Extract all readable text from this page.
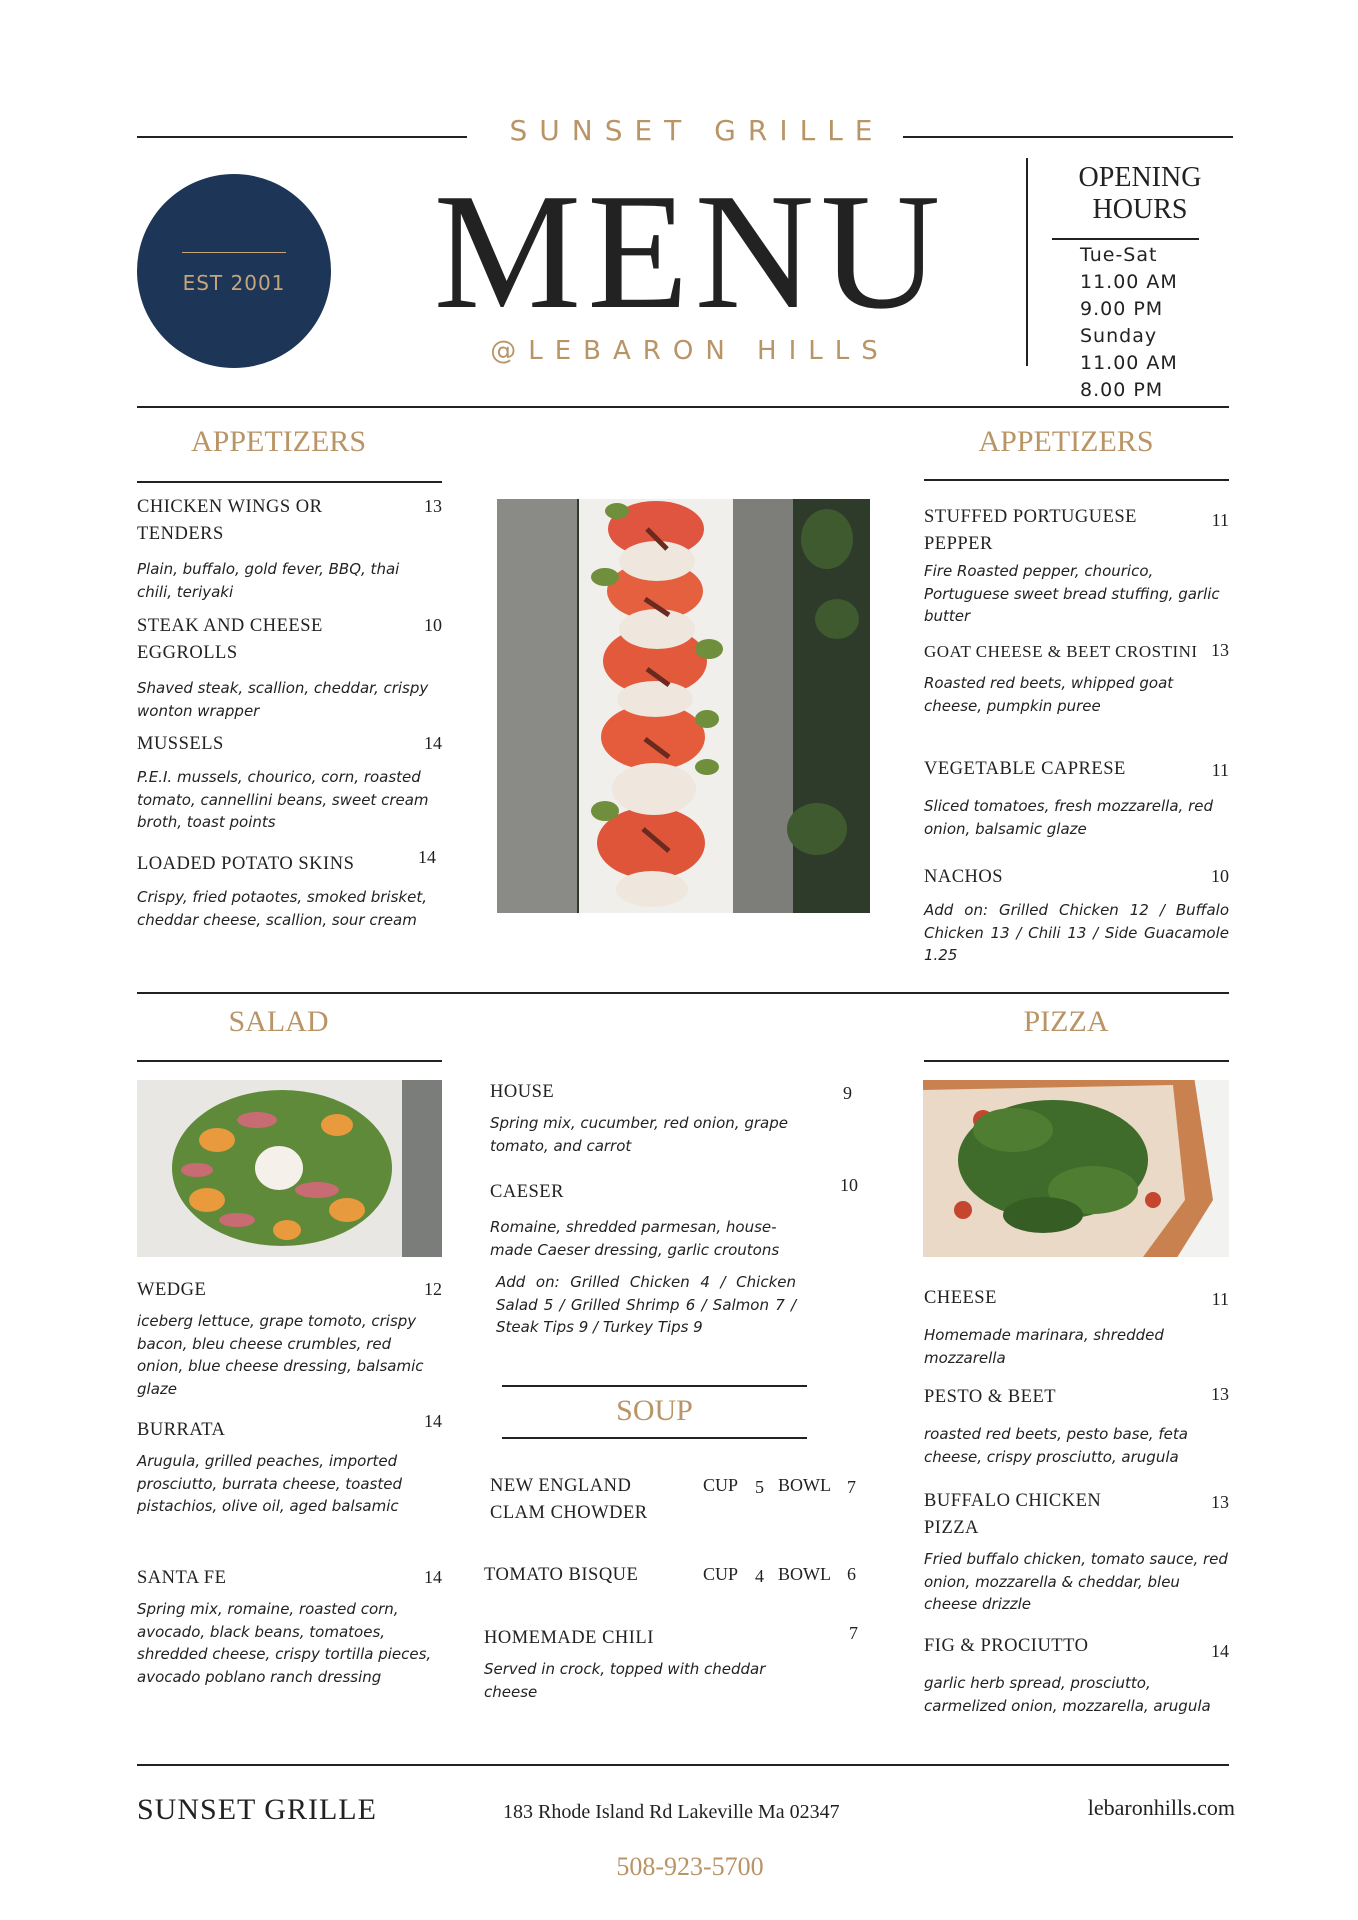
SUNSET GRILLE
MENU
@LEBARON HILLS
EST 2001
OPENING
HOURS
Tue-Sat
11.00 AM
9.00 PM
Sunday
11.00 AM
8.00 PM
APPETIZERS
CHICKEN WINGS OR TENDERS
13
Plain, buffalo, gold fever, BBQ, thai chili, teriyaki
STEAK AND CHEESE EGGROLLS
10
Shaved steak, scallion, cheddar, crispy wonton wrapper
MUSSELS	14
P.E.I. mussels, chourico, corn, roasted tomato, cannellini beans, sweet cream broth, toast points
LOADED POTATO SKINS	14
Crispy, fried potaotes, smoked brisket, cheddar cheese, scallion, sour cream
APPETIZERS
STUFFED PORTUGUESE PEPPER
11
Fire Roasted pepper, chourico, Portuguese sweet bread stuffing, garlic butter
GOAT CHEESE & BEET CROSTINI 13
Roasted red beets, whipped goat cheese, pumpkin puree
VEGETABLE CAPRESE	11
Sliced tomatoes, fresh mozzarella, red onion, balsamic glaze
NACHOS	10
Add on: Grilled Chicken 12 / Buffalo Chicken 13 / Chili 13 / Side Guacamole 1.25
SALAD
WEDGE	12
iceberg lettuce, grape tomoto, crispy bacon, bleu cheese crumbles, red onion, blue cheese dressing, balsamic glaze
BURRATA	14
Arugula, grilled peaches, imported prosciutto, burrata cheese, toasted pistachios, olive oil, aged balsamic
SANTA FE	14
Spring mix, romaine, roasted corn, avocado, black beans, tomatoes, shredded cheese, crispy tortilla pieces, avocado poblano ranch dressing
HOUSE	9
Spring mix, cucumber, red onion, grape tomato, and carrot
CAESER	10
Romaine, shredded parmesan, house-made Caeser dressing, garlic croutons
Add on: Grilled Chicken 4 / Chicken Salad 5 / Grilled Shrimp 6 / Salmon 7 / Steak Tips 9 / Turkey Tips 9
SOUP
NEW ENGLAND CLAM CHOWDER
CUP 5 BOWL 7
TOMATO BISQUE	CUP 4 BOWL 6
HOMEMADE CHILI	7
Served in crock, topped with cheddar cheese
PIZZA
CHEESE	11
Homemade marinara, shredded mozzarella
PESTO & BEET	13
roasted red beets, pesto base, feta cheese, crispy prosciutto, arugula
BUFFALO CHICKEN PIZZA
13
Fried buffalo chicken, tomato sauce, red onion, mozzarella & cheddar, bleu cheese drizzle
FIG & PROCIUTTO	14
garlic herb spread, prosciutto, carmelized onion, mozzarella, arugula
SUNSET GRILLE	183 Rhode Island Rd Lakeville Ma 02347	lebaronhills.com
508-923-5700
